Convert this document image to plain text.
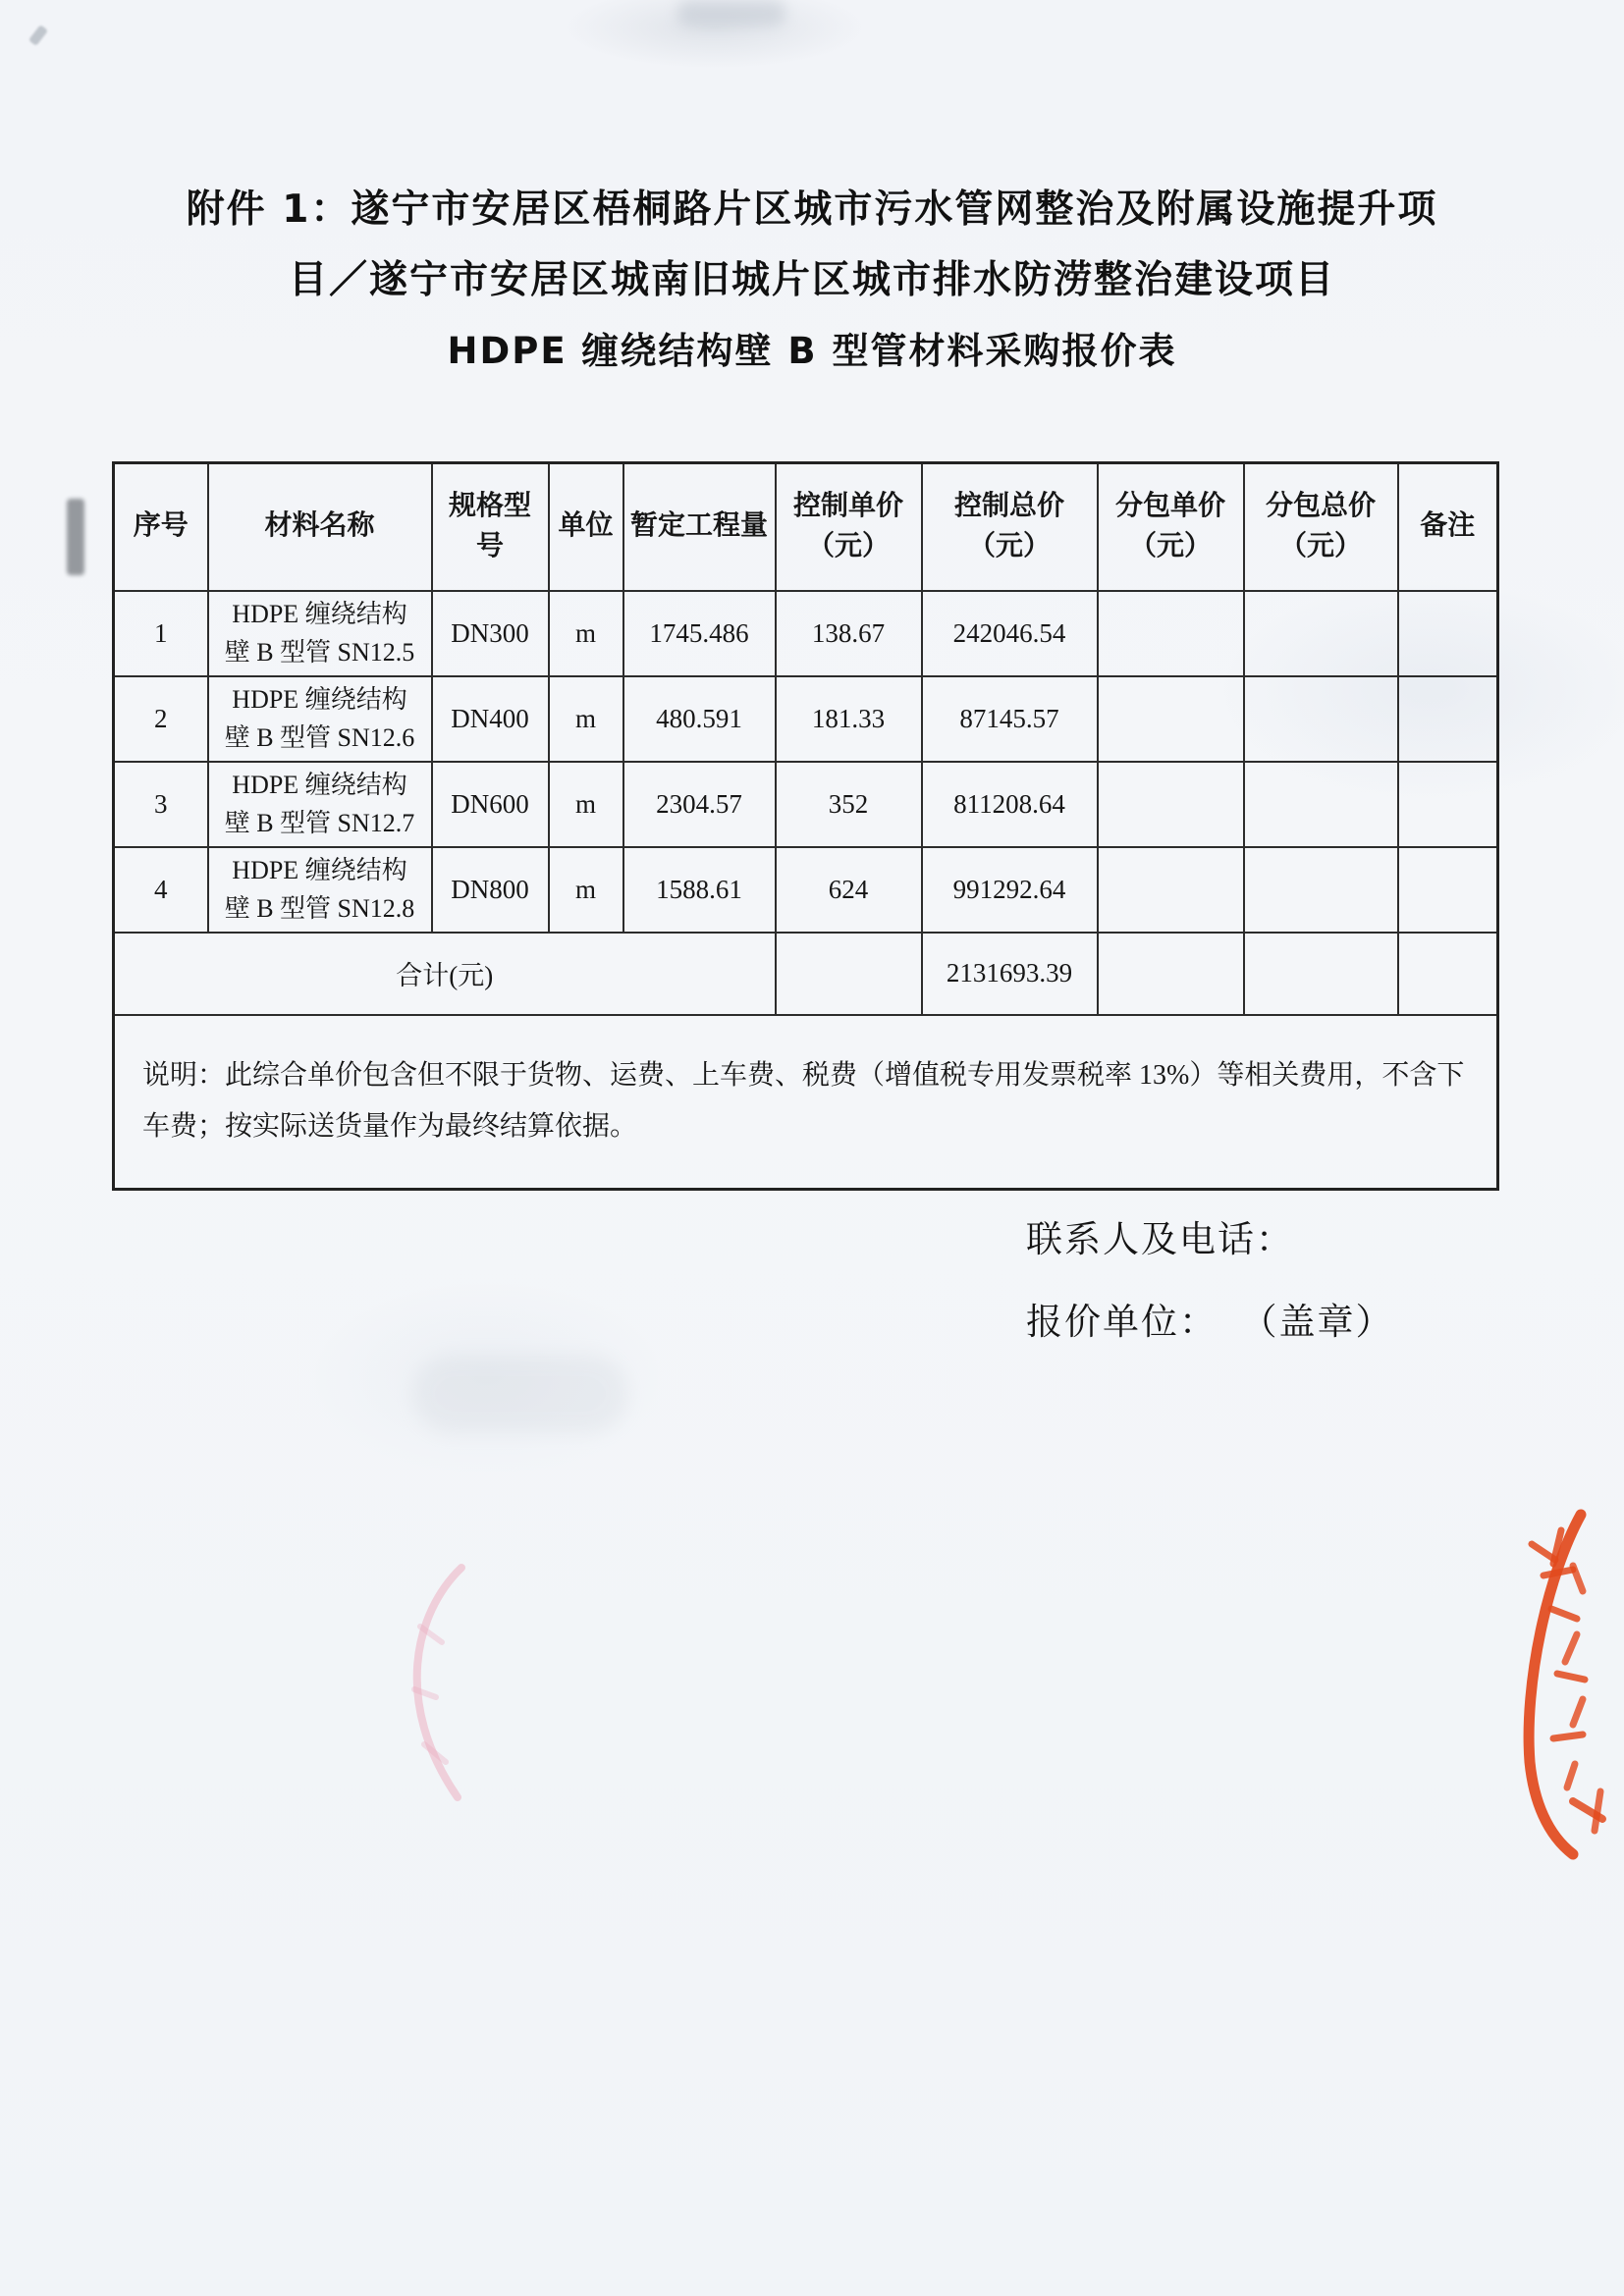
附件 1：遂宁市安居区梧桐路片区城市污水管网整治及附属设施提升项
目／遂宁市安居区城南旧城片区城市排水防涝整治建设项目
HDPE 缠绕结构壁 B 型管材料采购报价表
序号	材料名称	规格型号	单位	暂定工程量	控制单价（元）	控制总价（元）	分包单价（元）	分包总价（元）	备注
1	HDPE 缠绕结构壁 B 型管 SN12.5	DN300	m	1745.486	138.67	242046.54			
2	HDPE 缠绕结构壁 B 型管 SN12.6	DN400	m	480.591	181.33	87145.57			
3	HDPE 缠绕结构壁 B 型管 SN12.7	DN600	m	2304.57	352	811208.64			
4	HDPE 缠绕结构壁 B 型管 SN12.8	DN800	m	1588.61	624	991292.64			
合计(元)						2131693.39			
说明：此综合单价包含但不限于货物、运费、上车费、税费（增值税专用发票税率 13%）等相关费用，不含下车费；按实际送货量作为最终结算依据。									
联系人及电话：
报价单位： （盖章）
